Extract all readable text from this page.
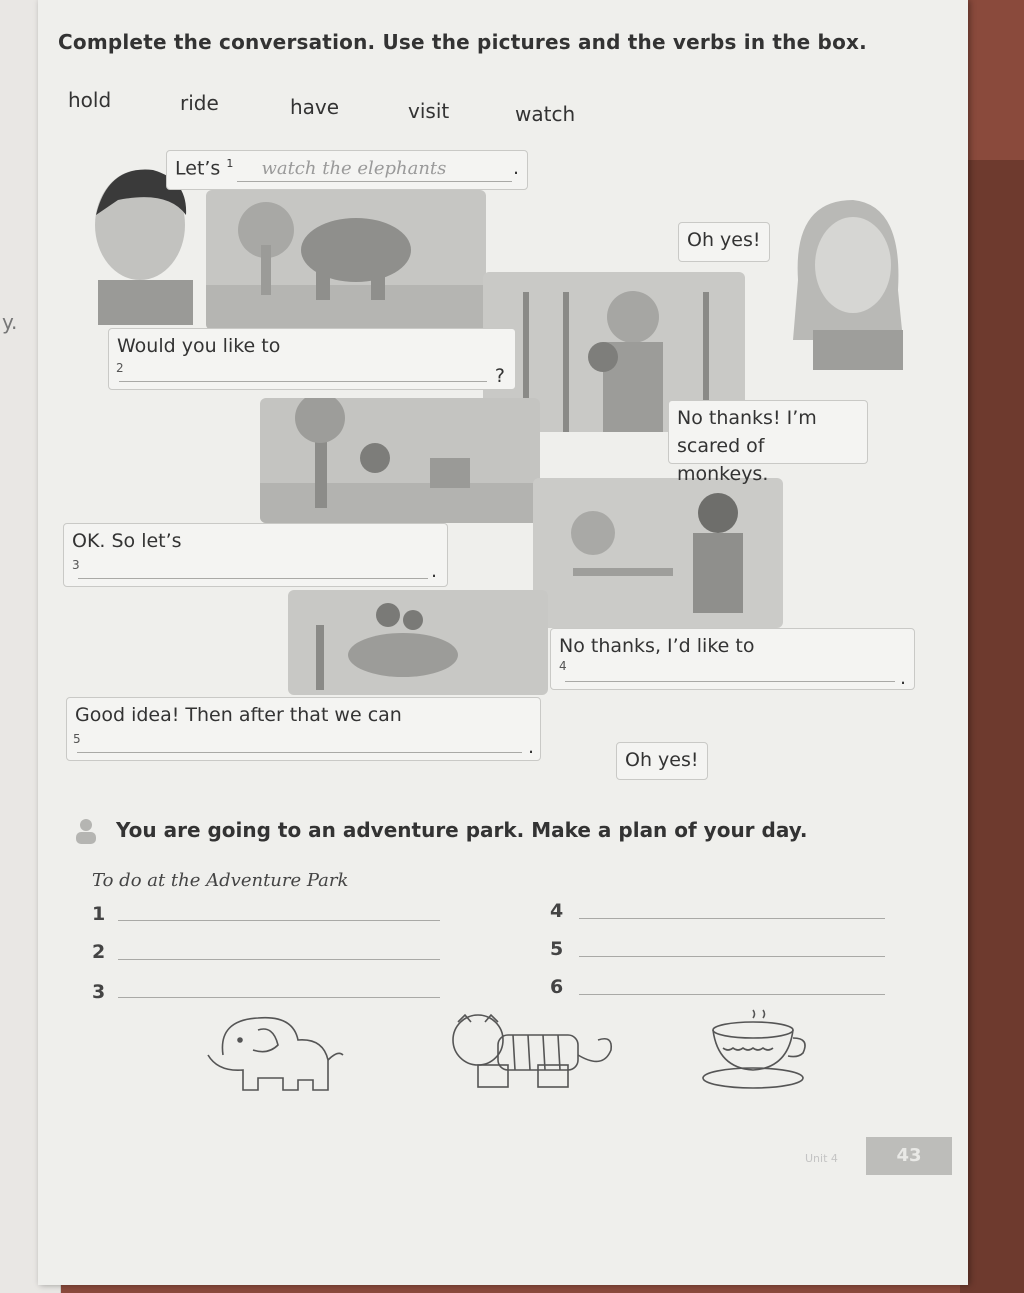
y.
Complete the conversation. Use the pictures and the verbs in the box.
hold	ride	have	visit	watch
Let’s $^1$ watch the elephants	.
Oh yes!
Would you like to
2	?
No thanks! I’m
scared of monkeys.
OK. So let’s
3	.
No thanks, I’d like to
4
.
Good idea! Then after that we can
5	.
Oh yes!
You are going to an adventure park. Make a plan of your day.
To do at the Adventure Park
1
2
3
4
5
6
Unit 4	43
